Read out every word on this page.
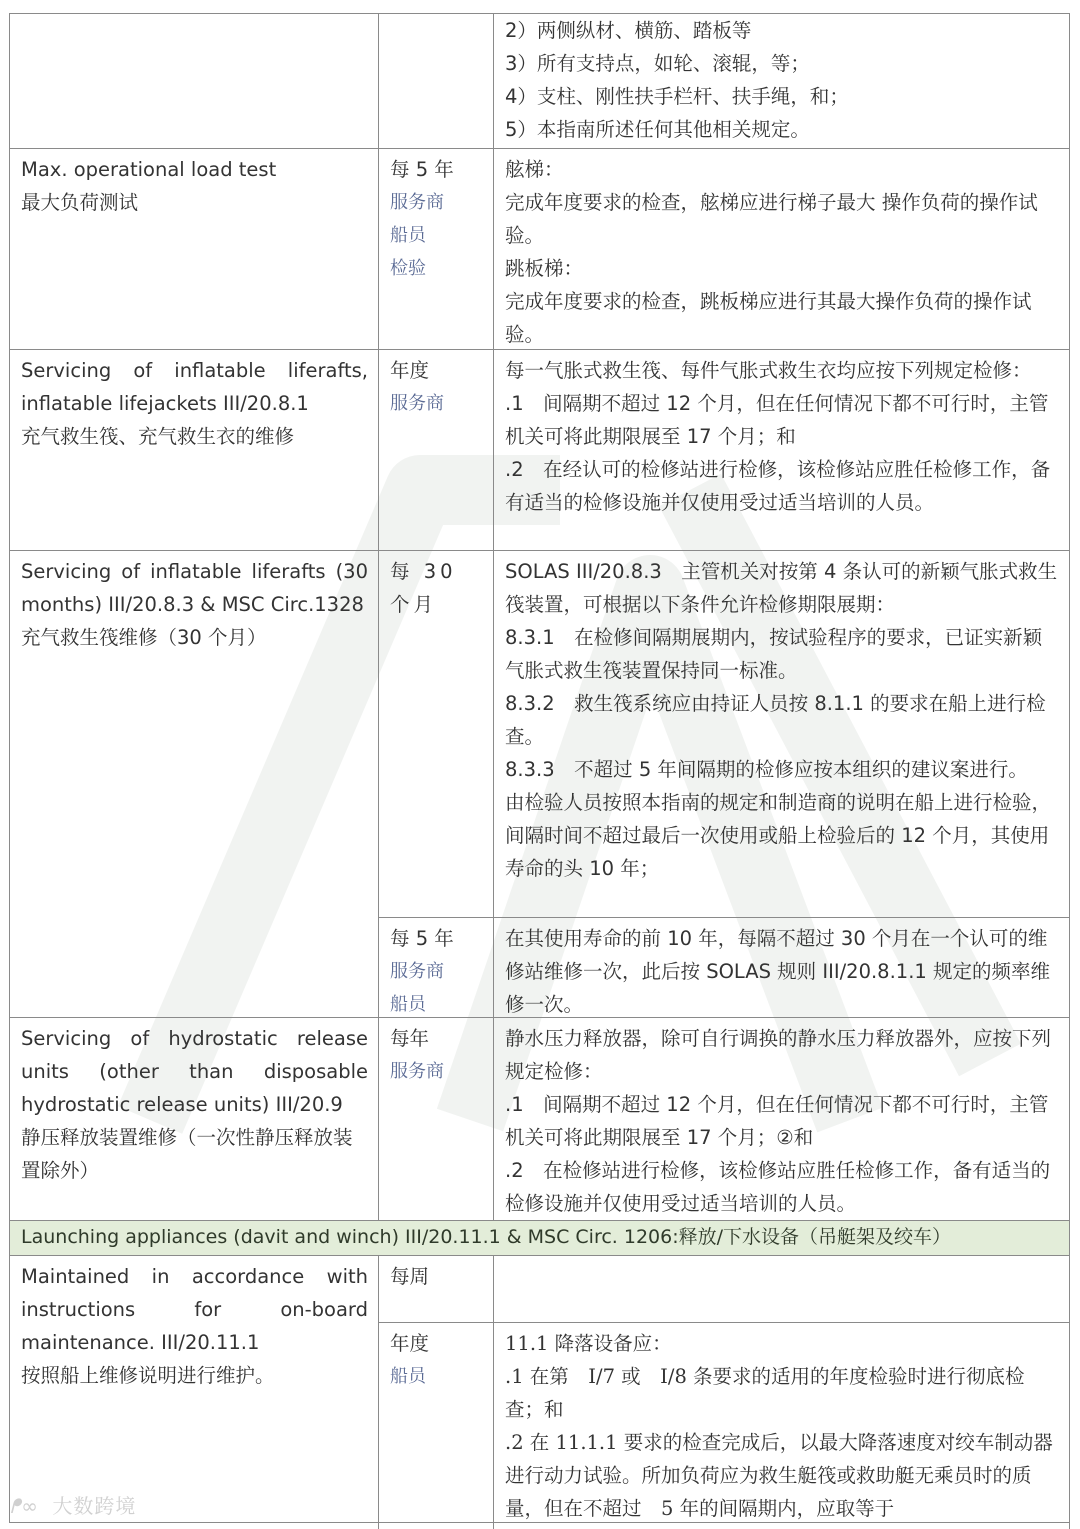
2）两侧纵材、横筋、踏板等
3）所有支持点，如轮、滚辊，等；
4）支柱、刚性扶手栏杆、扶手绳，和；
5）本指南所述任何其他相关规定。
Max. operational load test
最大负荷测试
每 5 年
服务商
船员
检验
舷梯：
完成年度要求的检查，舷梯应进行梯子最大 操作负荷的操作试验。
跳板梯：
完成年度要求的检查，跳板梯应进行其最大操作负荷的操作试验。
Servicing of inflatable liferafts, inflatable lifejackets III/20.8.1
充气救生筏、充气救生衣的维修
年度
服务商
每一气胀式救生筏、每件气胀式救生衣均应按下列规定检修：
.1　间隔期不超过 12 个月，但在任何情况下都不可行时，主管机关可将此期限展至 17 个月；和
.2　在经认可的检修站进行检修，该检修站应胜任检修工作，备有适当的检修设施并仅使用受过适当培训的人员。
Servicing of inflatable liferafts (30 months) III/20.8.3 & MSC Circ.1328
充气救生筏维修（30 个月）
每 30 个月
SOLAS III/20.8.3　主管机关对按第 4 条认可的新颖气胀式救生筏装置，可根据以下条件允许检修期限展期：
8.3.1　在检修间隔期展期内，按试验程序的要求，已证实新颖气胀式救生筏装置保持同一标准。
8.3.2　救生筏系统应由持证人员按 8.1.1 的要求在船上进行检查。
8.3.3　不超过 5 年间隔期的检修应按本组织的建议案进行。
由检验人员按照本指南的规定和制造商的说明在船上进行检验，间隔时间不超过最后一次使用或船上检验后的 12 个月，其使用寿命的头 10 年；
每 5 年
服务商
船员
在其使用寿命的前 10 年，每隔不超过 30 个月在一个认可的维修站维修一次，此后按 SOLAS 规则 III/20.8.1.1 规定的频率维修一次。
Servicing of hydrostatic release units (other than disposable hydrostatic release units) III/20.9
静压释放装置维修（一次性静压释放装置除外）
每年
服务商
静水压力释放器，除可自行调换的静水压力释放器外，应按下列规定检修：
.1　间隔期不超过 12 个月，但在任何情况下都不可行时，主管机关可将此期限展至 17 个月；②和
.2　在检修站进行检修，该检修站应胜任检修工作，备有适当的检修设施并仅使用受过适当培训的人员。
Launching appliances (davit and winch) III/20.11.1 & MSC Circ. 1206:释放/下水设备（吊艇架及绞车）
Maintained in accordance with instructions for on-board maintenance. III/20.11.1
按照船上维修说明进行维护。
每周
年度
船员
11.1 降落设备应：
.1 在第　I/7 或　I/8 条要求的适用的年度检验时进行彻底检查；和
.2 在 11.1.1 要求的检查完成后，以最大降落速度对绞车制动器进行动力试验。所加负荷应为救生艇筏或救助艇无乘员时的质量，但在不超过　5 年的间隔期内，应取等于
ᖰ∞ 大数跨境
